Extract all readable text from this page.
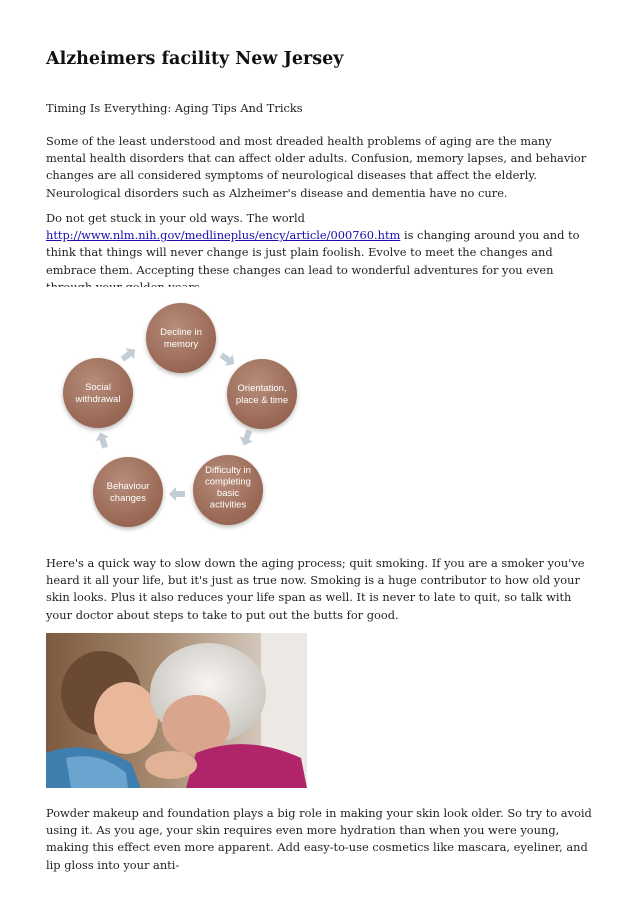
Alzheimers facility New Jersey

Timing Is Everything: Aging Tips And Tricks

Some of the least understood and most dreaded health problems of aging are the many mental health disorders that can affect older adults. Confusion, memory lapses, and behavior changes are all considered symptoms of neurological diseases that affect the elderly. Neurological disorders such as Alzheimer's disease and dementia have no cure.

Do not get stuck in your old ways. The world http://www.nlm.nih.gov/medlineplus/ency/article/000760.htm is changing around you and to think that things will never change is just plain foolish. Evolve to meet the changes and embrace them. Accepting these changes can lead to wonderful adventures for you even

Decline in memory
Orientation, place & time
Difficulty in completing basic activities
Behaviour changes
Social withdrawal

Here's a quick way to slow down the aging process; quit smoking. If you are a smoker you've heard it all your life, but it's just as true now. Smoking is a huge contributor to how old your skin looks. Plus it also reduces your life span as well. It is never to late to quit, so talk with your doctor about steps to take to put out the butts for good.

Powder makeup and foundation plays a big role in making your skin look older. So try to avoid using it. As you age, your skin requires even more hydration than when you were young, making this effect even more apparent. Add easy-to-use cosmetics like mascara, eyeliner, and lip gloss into your anti-
